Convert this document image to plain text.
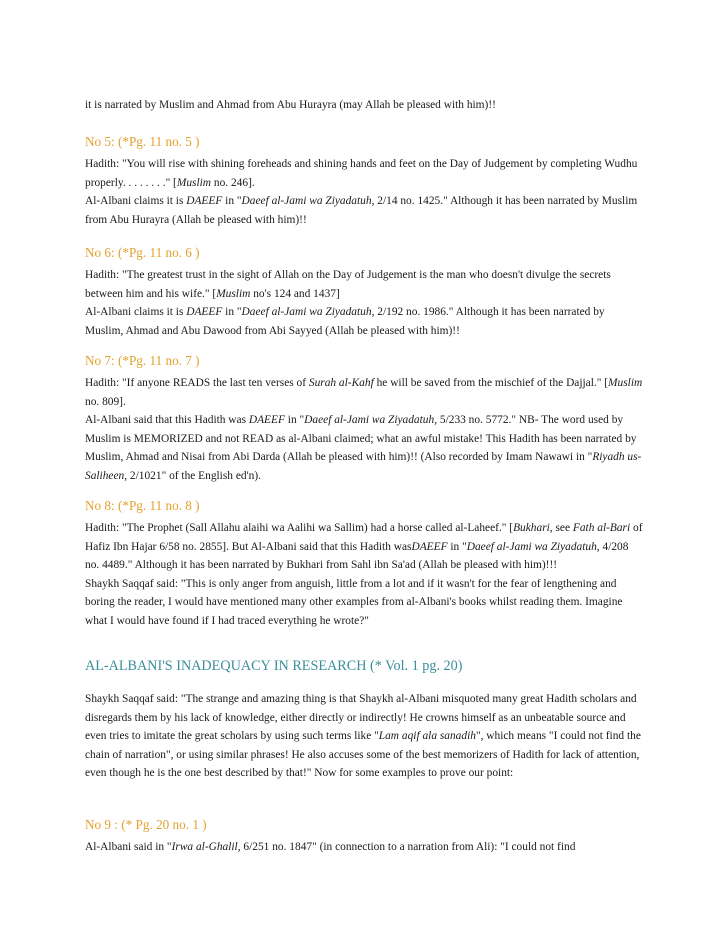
it is narrated by Muslim and Ahmad from Abu Hurayra (may Allah be pleased with him)!!

No 5: (*Pg. 11 no. 5 )

Hadith: "You will rise with shining foreheads and shining hands and feet on the Day of Judgement by completing Wudhu properly. . . . . . . ." [Muslim no. 246].

Al-Albani claims it is DAEEF in "Daeef al-Jami wa Ziyadatuh, 2/14 no. 1425." Although it has been narrated by Muslim from Abu Hurayra (Allah be pleased with him)!!

No 6: (*Pg. 11 no. 6 )

Hadith: "The greatest trust in the sight of Allah on the Day of Judgement is the man who doesn't divulge the secrets between him and his wife." [Muslim no's 124 and 1437]

Al-Albani claims it is DAEEF in "Daeef al-Jami wa Ziyadatuh, 2/192 no. 1986." Although it has been narrated by Muslim, Ahmad and Abu Dawood from Abi Sayyed (Allah be pleased with him)!!

No 7: (*Pg. 11 no. 7 )

Hadith: "If anyone READS the last ten verses of Surah al-Kahf he will be saved from the mischief of the Dajjal." [Muslim no. 809].

Al-Albani said that this Hadith was DAEEF in "Daeef al-Jami wa Ziyadatuh, 5/233 no. 5772." NB- The word used by Muslim is MEMORIZED and not READ as al-Albani claimed; what an awful mistake! This Hadith has been narrated by Muslim, Ahmad and Nisai from Abi Darda (Allah be pleased with him)!! (Also recorded by Imam Nawawi in "Riyadh us-Saliheen, 2/1021" of the English ed'n).

No 8: (*Pg. 11 no. 8 )

Hadith: "The Prophet (Sall Allahu alaihi wa Aalihi wa Sallim) had a horse called al-Laheef." [Bukhari, see Fath al-Bari of Hafiz Ibn Hajar 6/58 no. 2855]. But Al-Albani said that this Hadith wasDAEEF in "Daeef al-Jami wa Ziyadatuh, 4/208 no. 4489." Although it has been narrated by Bukhari from Sahl ibn Sa'ad (Allah be pleased with him)!!!

Shaykh Saqqaf said: "This is only anger from anguish, little from a lot and if it wasn't for the fear of lengthening and boring the reader, I would have mentioned many other examples from al-Albani's books whilst reading them. Imagine what I would have found if I had traced everything he wrote?"

AL-ALBANI'S INADEQUACY IN RESEARCH (* Vol. 1 pg. 20)

Shaykh Saqqaf said: "The strange and amazing thing is that Shaykh al-Albani misquoted many great Hadith scholars and disregards them by his lack of knowledge, either directly or indirectly! He crowns himself as an unbeatable source and even tries to imitate the great scholars by using such terms like "Lam aqif ala sanadih", which means "I could not find the chain of narration", or using similar phrases! He also accuses some of the best memorizers of Hadith for lack of attention, even though he is the one best described by that!" Now for some examples to prove our point:

No 9 : (* Pg. 20 no. 1 )

Al-Albani said in "Irwa al-Ghalil, 6/251 no. 1847" (in connection to a narration from Ali): "I could not find
